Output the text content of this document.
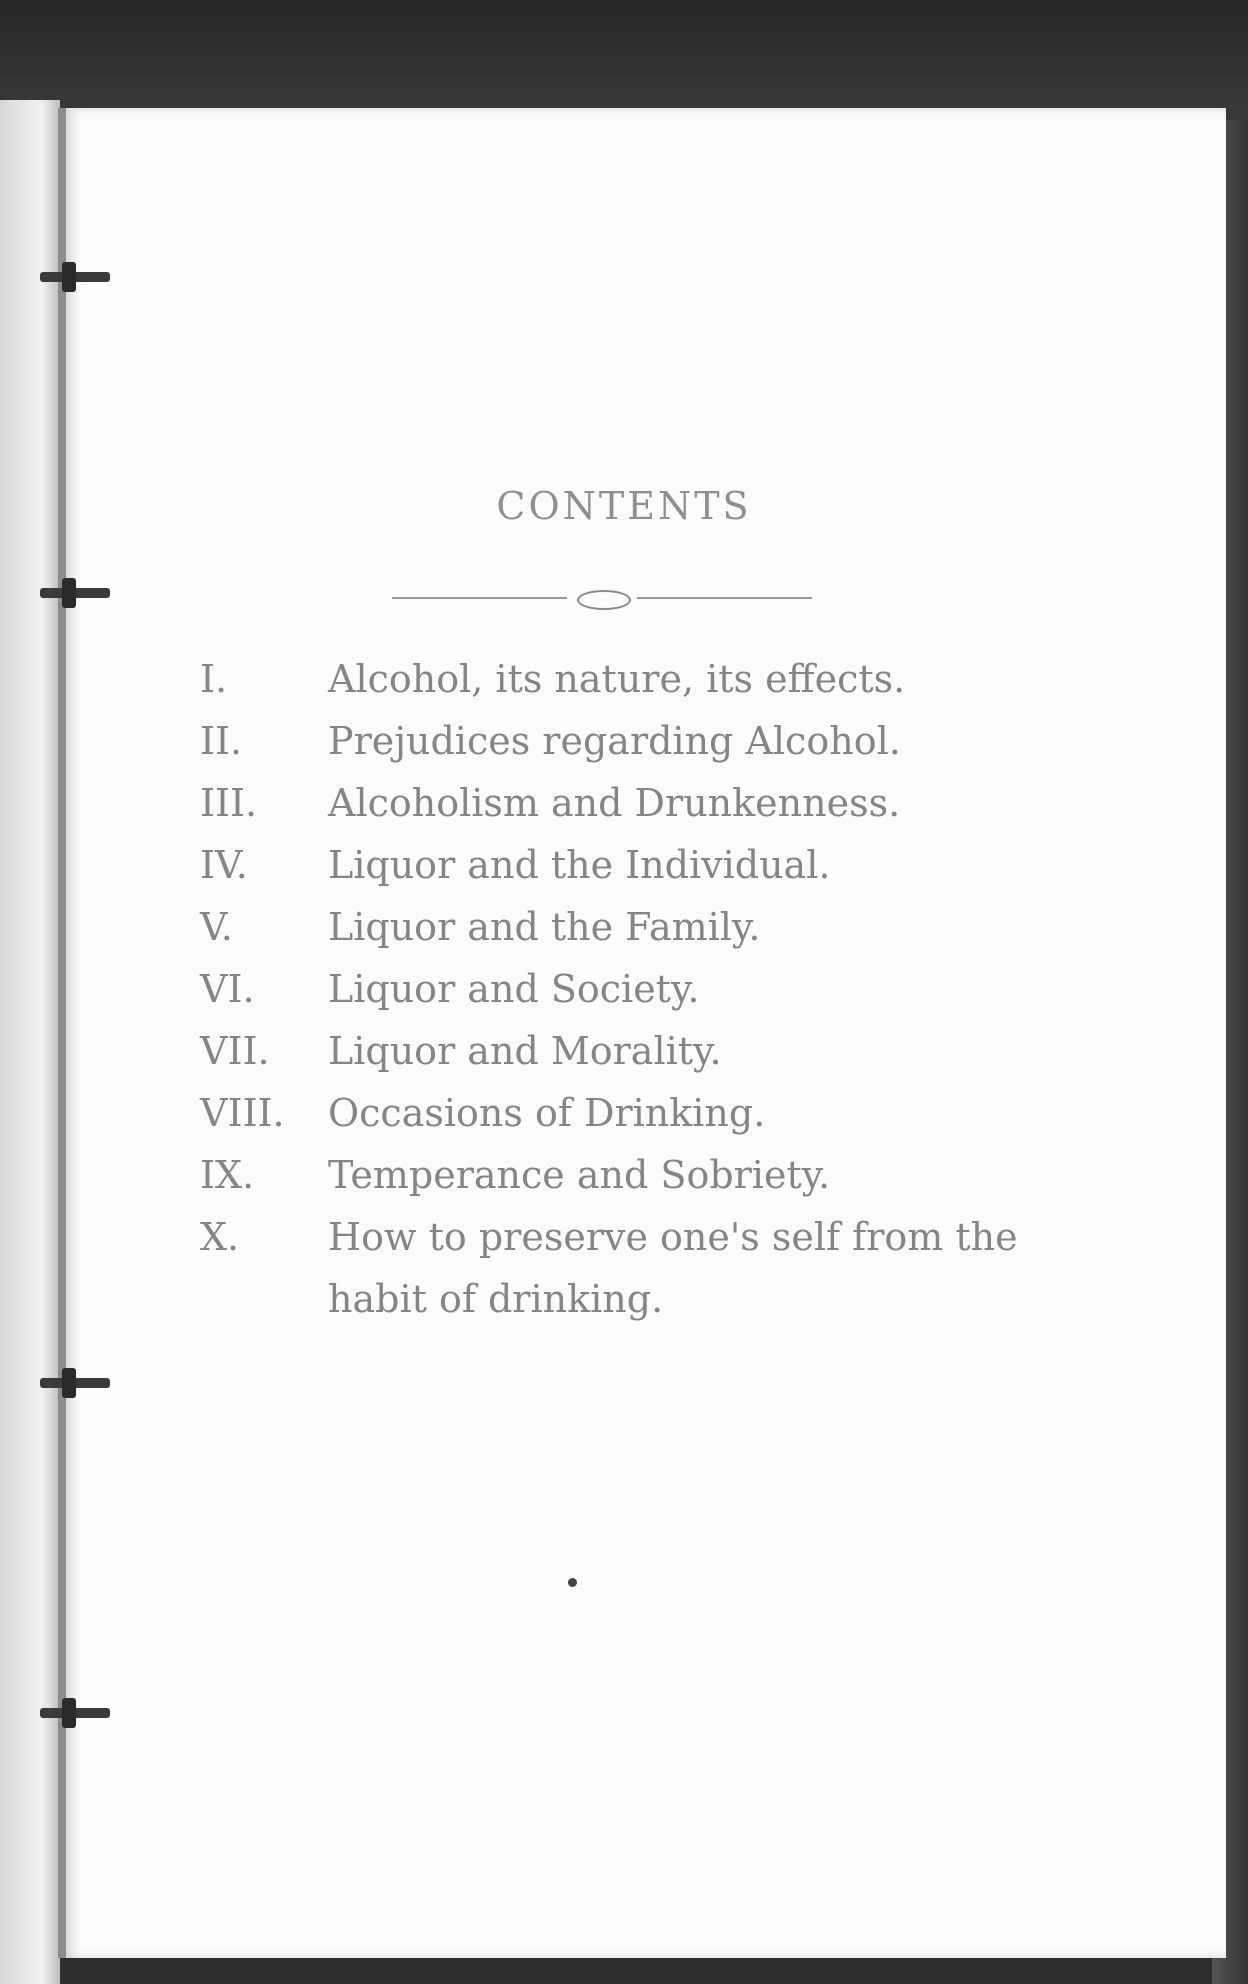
CONTENTS
I.	Alcohol, its nature, its effects.
II.	Prejudices regarding Alcohol.
III.	Alcoholism and Drunkenness.
IV.	Liquor and the Individual.
V.	Liquor and the Family.
VI.	Liquor and Society.
VII.	Liquor and Morality.
VIII.	Occasions of Drinking.
IX.	Temperance and Sobriety.
X.	How to preserve one's self from the habit of drinking.
